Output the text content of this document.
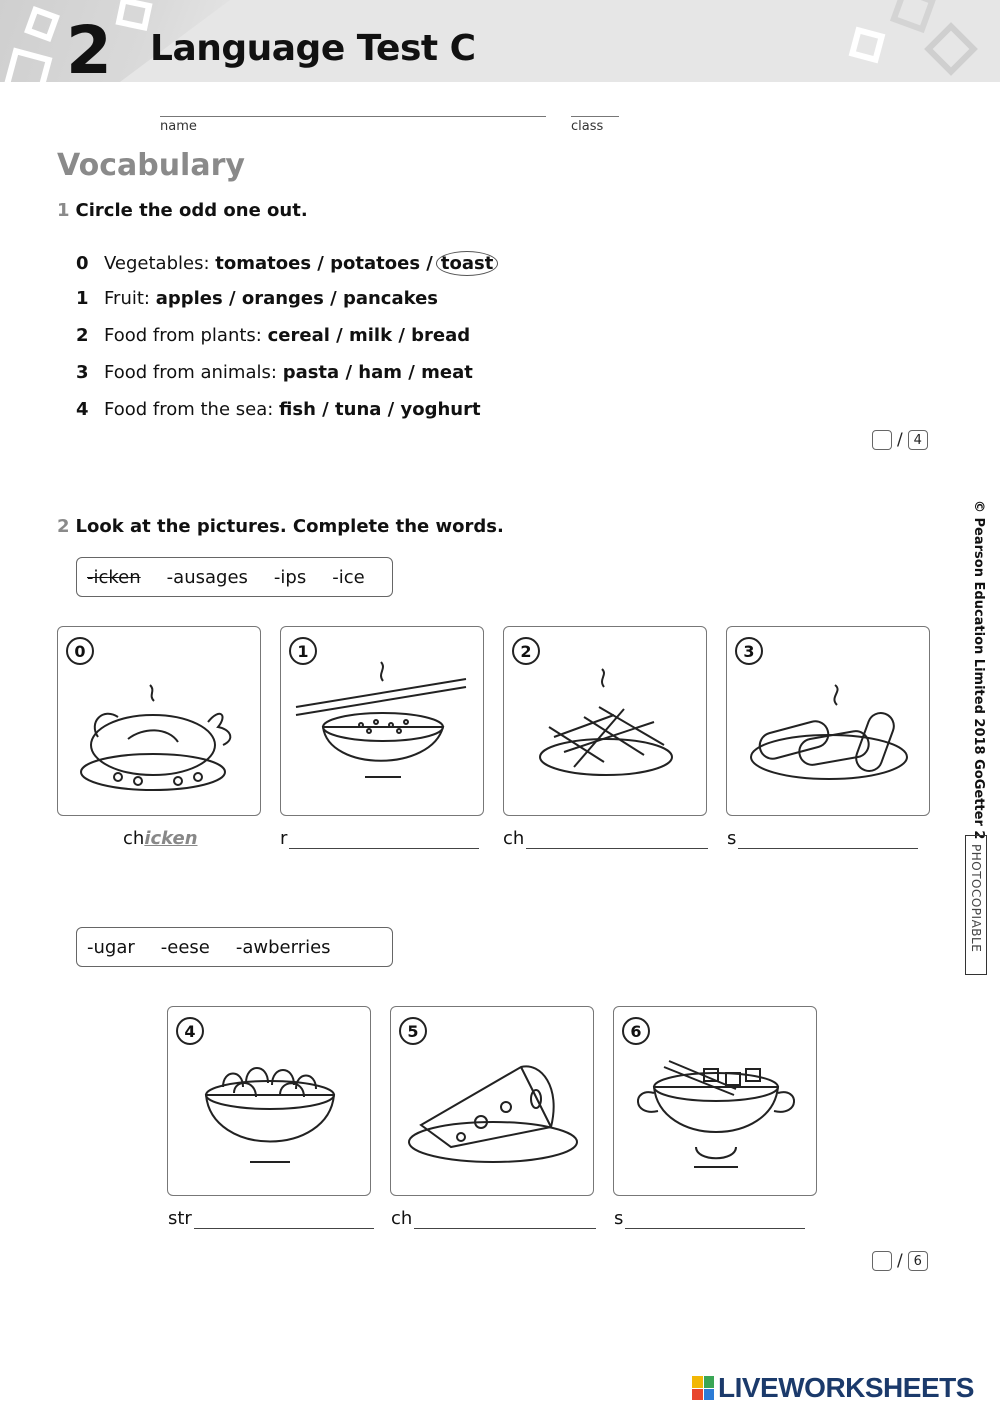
2 Language Test C
name	class
Vocabulary
1 Circle the odd one out.
0 Vegetables: tomatoes / potatoes / toast
1 Fruit: apples / oranges / pancakes
2 Food from plants: cereal / milk / bread
3 Food from animals: pasta / ham / meat
4 Food from the sea: fish / tuna / yoghurt
/ 4
2 Look at the pictures. Complete the words.
-icken -ausages -ips -ice
0	1	2	3
ch icken	r	ch	s
-ugar -eese -awberries
4	5	6
str	ch	s
/ 6
© Pearson Education Limited 2018 GoGetter 2
PHOTOCOPIABLE
LIVEWORKSHEETS
